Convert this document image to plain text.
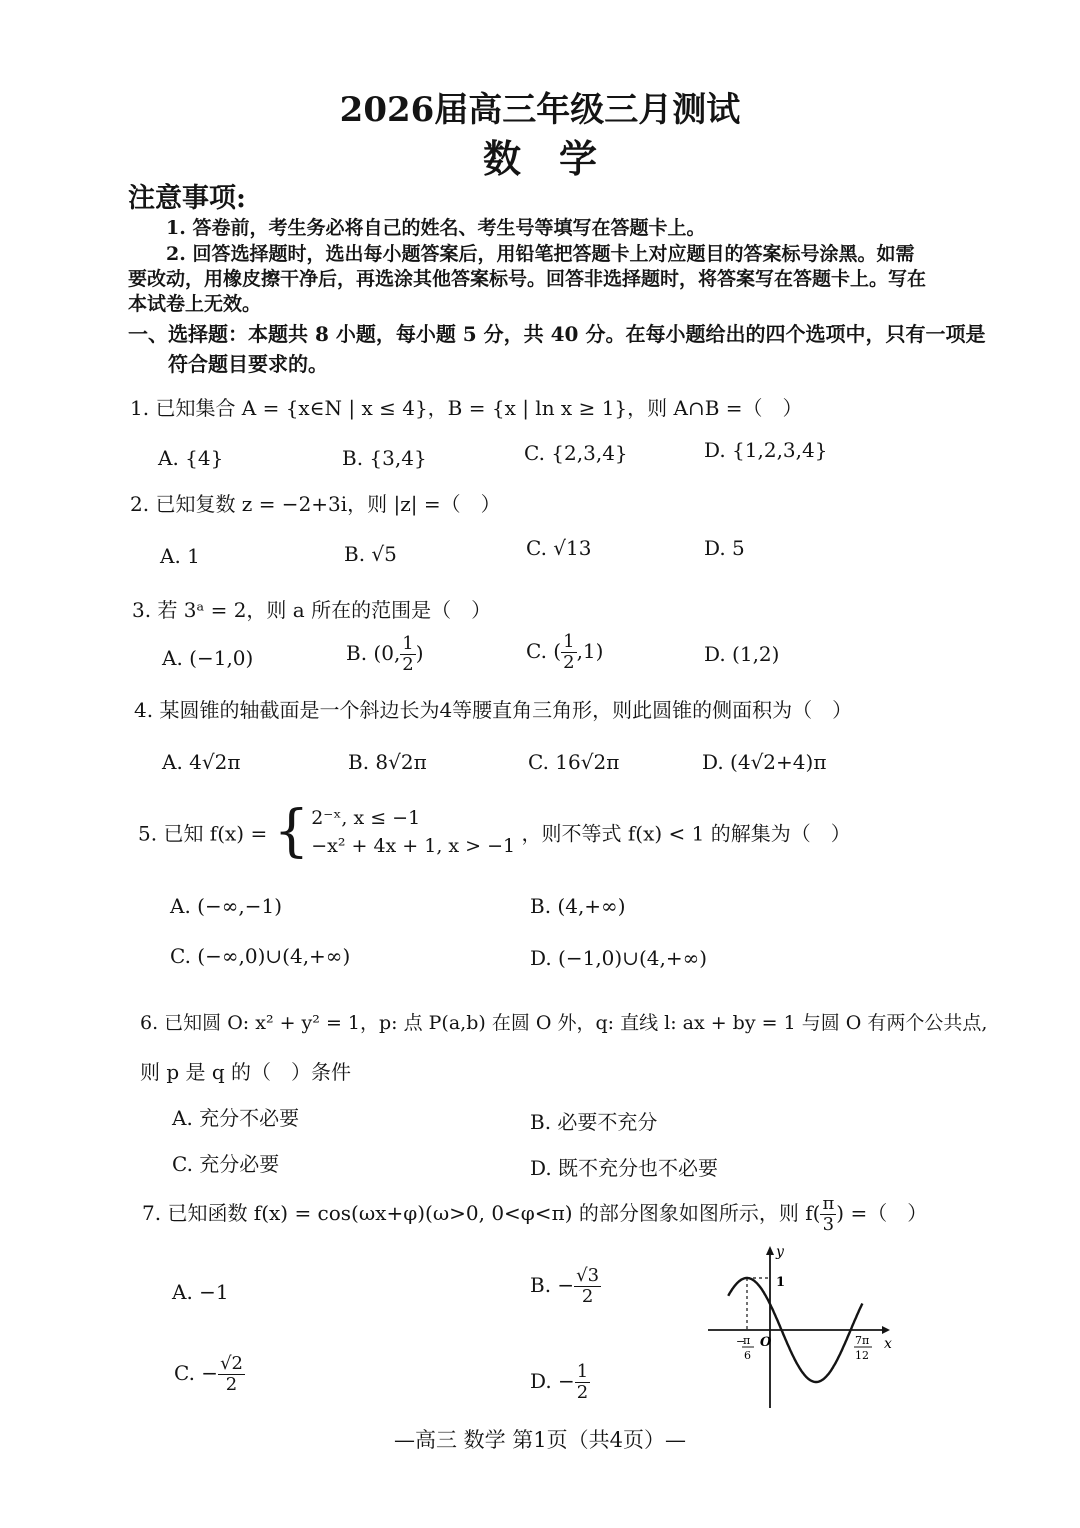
2026届高三年级三月测试
数学
注意事项:
1. 答卷前，考生务必将自己的姓名、考生号等填写在答题卡上。
2. 回答选择题时，选出每小题答案后，用铅笔把答题卡上对应题目的答案标号涂黑。如需
要改动，用橡皮擦干净后，再选涂其他答案标号。回答非选择题时，将答案写在答题卡上。写在
本试卷上无效。
一、选择题：本题共 8 小题，每小题 5 分，共 40 分。在每小题给出的四个选项中，只有一项是
符合题目要求的。
1. 已知集合 A = {x∈N | x ≤ 4}，B = {x | ln x ≥ 1}，则 A∩B =（　）
A. {4}	B. {3,4}	C. {2,3,4}	D. {1,2,3,4}
2. 已知复数 z = −2+3i，则 |z| =（　）
A. 1	B. √5	C. √13	D. 5
3. 若 3ᵃ = 2，则 a 所在的范围是（　）
A. (−1,0)	B. (0, $\frac{1}{2}$ )	C. ( $\frac{1}{2} ,1$)	D. (1,2)
4. 某圆锥的轴截面是一个斜边长为4等腰直角三角形，则此圆锥的侧面积为（　）
A. 4√2π	B. 8√2π	C. 16√2π	D. (4√2+4)π
5. 已知 f(x) = { 2⁻ˣ, x ≤ −1
−x² + 4x + 1, x > −1
，则不等式 f(x) < 1 的解集为（　）
A. (−∞,−1)	B. (4,+∞)
C. (−∞,0)∪(4,+∞)	D. (−1,0)∪(4,+∞)
6. 已知圆 O: x² + y² = 1，p: 点 P(a,b) 在圆 O 外，q: 直线 l: ax + by = 1 与圆 O 有两个公共点,
则 p 是 q 的（　）条件
A. 充分不必要	B. 必要不充分
C. 充分必要	D. 既不充分也不必要
7. 已知函数 f(x) = cos(ωx+φ)(ω>0, 0<φ<π) 的部分图象如图所示，则 $f( \frac{\pi}{3}$ ) =（　）
A. −1	B. − $\frac{√3}{2}$
C. − $\frac{√2}{2}$	D. − $\frac{1}{2}$
y
x
1
O
−
π
6
7π
12
—高三 数学 第1页（共4页）—
